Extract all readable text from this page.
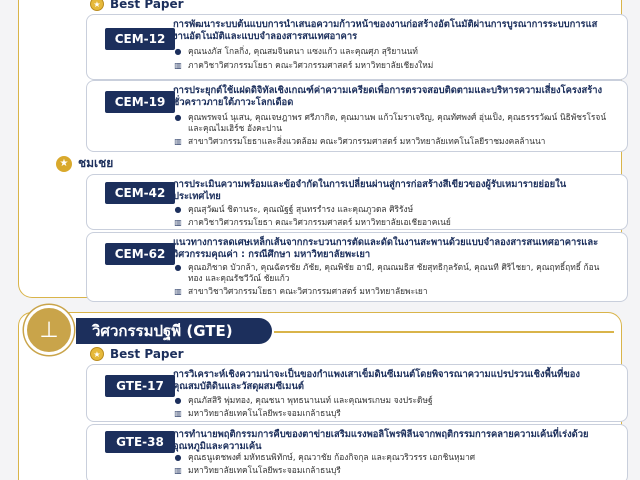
★ Best Paper
CEM-12
การพัฒนาระบบต้นแบบการนำเสนอความก้าวหน้าของงานก่อสร้างอัตโนมัติผ่านการบูรณาการระบบการแสงานอัตโนมัติและแบบจำลองสารสนเทศอาคาร
● คุณนงภัส โกลกิ่ง, คุณสมจินตนา แซงแก้ว และคุณศุภ สุริยานนท์
▥ ภาควิชาวิศวกรรมโยธา คณะวิศวกรรมศาสตร์ มหาวิทยาลัยเชียงใหม่
CEM-19
การประยุกต์ใช้แฝดดิจิทัลเชิงเกณฑ์ค่าความเครียดเพื่อการตรวจสอบติดตามและบริหารความเสี่ยงโครงสร้างชั่วคราวภายใต้ภาวะโลกเดือด
● คุณพรพจน์ นุเสน, คุณเจษฎาพร ศรีภากิด, คุณมานพ แก้วโมราเจริญ, คุณทัศพงศ์ อุ่นเป็ง, คุณธรรรวัฒน์ นิธิพัชรโรจน์ และคุณไมเฮิร์ช อังคะปาน
▥ สาขาวิศวกรรมโยธาและสิ่งแวดล้อม คณะวิศวกรรมศาสตร์ มหาวิทยาลัยเทคโนโลยีราชมงคลล้านนา
★ ชมเชย
CEM-42
การประเมินความพร้อมและข้อจำกัดในการเปลี่ยนผ่านสู่การก่อสร้างสีเขียวของผู้รับเหมารายย่อยในประเทศไทย
● คุณสุวัฒน์ ชิตานระ, คุณณัฐฐ์ สุนทรรำรง และคุณภูวดล ศิริรังษ์
▥ ภาควิชาวิศวกรรมโยธา คณะวิศวกรรมศาสตร์ มหาวิทยาลัยเอเชียอาคเนย์
CEM-62
แนวทางการลดเศษเหล็กเส้นจากกระบวนการตัดและดัดในงานสะพานด้วยแบบจำลองสารสนเทศอาคารและวิศวกรรมคุณค่า : กรณีศึกษา มหาวิทยาลัยพะเยา
● คุณอภิชาต บัวกล้า, คุณฉัตรชัย ภัชัย, คุณพิชัย อามี, คุณณมธิส ชัยสุทธิกุลรัตน์, คุณนที ศิริไชยา, คุณฤทธิ์ฤทธิ์ ก้อนทอง และคุณรัชวีวัณ์ ชัยแก้ว
▥ สาขาวิชาวิศวกรรมโยธา คณะวิศวกรรมศาสตร์ มหาวิทยาลัยพะเยา
⊥	วิศวกรรมปฐพี (GTE)
★ Best Paper
GTE-17
การวิเคราะห์เชิงความน่าจะเป็นของกำแพงเสาเข็มดินซีเมนต์โดยพิจารณาความแปรปรวนเชิงพื้นที่ของคุณสมบัติดินและวัสดุผสมซีเมนต์
● คุณภัสสิริ พุ่มทอง, คุณชนา พุทธนานนท์ และคุณพรเกษม จงประดิษฐ์
▥ มหาวิทยาลัยเทคโนโลยีพระจอมเกล้าธนบุรี
GTE-38
การทำนายพฤติกรรมการคืบของตาข่ายเสริมแรงพอลิโพรพิลีนจากพฤติกรรมการคลายความเค้นที่เร่งด้วยอุณหภูมิและความเค้น
● คุณธนูเดชพงศ์ มหัทธนพิทักษ์, คุณวาชัย ก้องกิจกุล และคุณวริวรรร เอกชินหุมาศ
▥ มหาวิทยาลัยเทคโนโลยีพระจอมเกล้าธนบุรี
